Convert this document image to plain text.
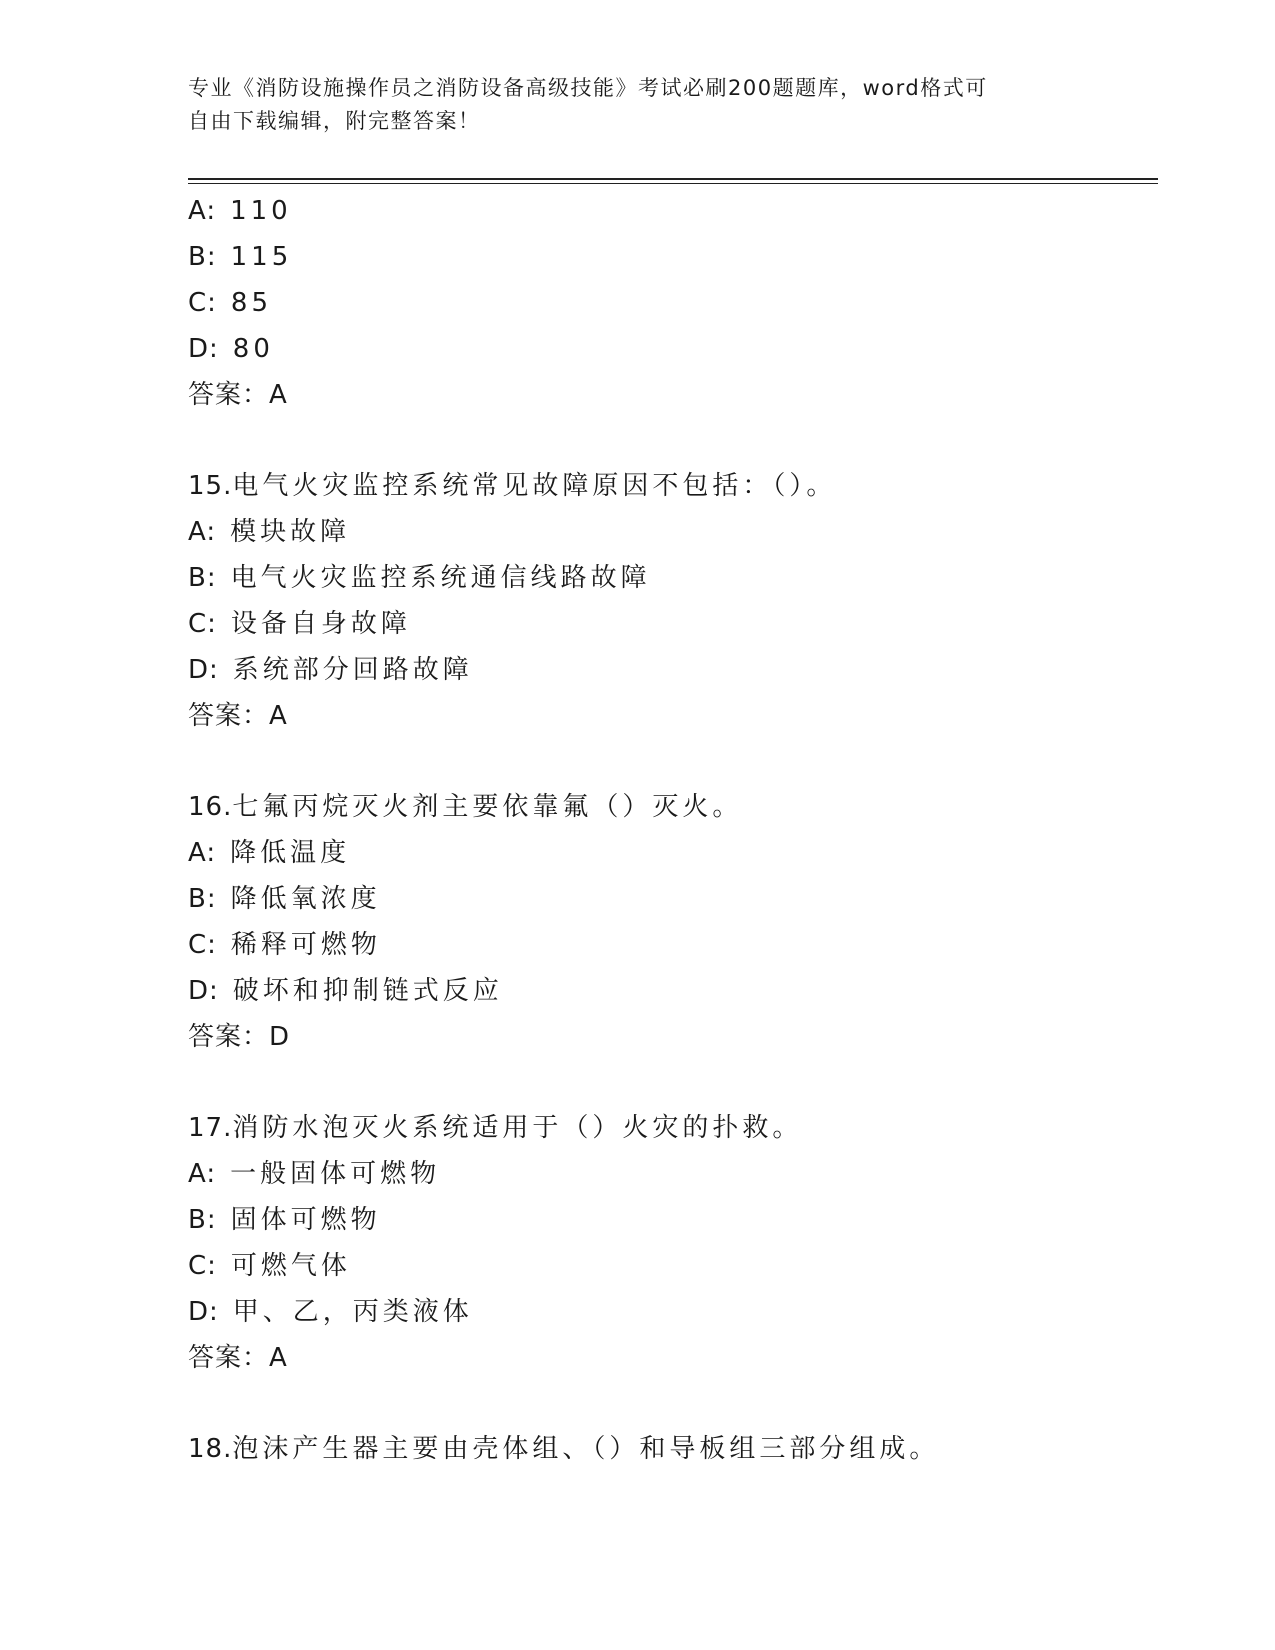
专业《消防设施操作员之消防设备高级技能》考试必刷200题题库，word格式可
自由下载编辑，附完整答案！
A: 110
B: 115
C: 85
D: 80
答案：A
15.电气火灾监控系统常见故障原因不包括：（）。
A: 模块故障
B: 电气火灾监控系统通信线路故障
C: 设备自身故障
D: 系统部分回路故障
答案：A
16.七氟丙烷灭火剂主要依靠氟（）灭火。
A: 降低温度
B: 降低氧浓度
C: 稀释可燃物
D: 破坏和抑制链式反应
答案：D
17.消防水泡灭火系统适用于（）火灾的扑救。
A: 一般固体可燃物
B: 固体可燃物
C: 可燃气体
D: 甲、乙，丙类液体
答案：A
18.泡沫产生器主要由壳体组、（）和导板组三部分组成。
